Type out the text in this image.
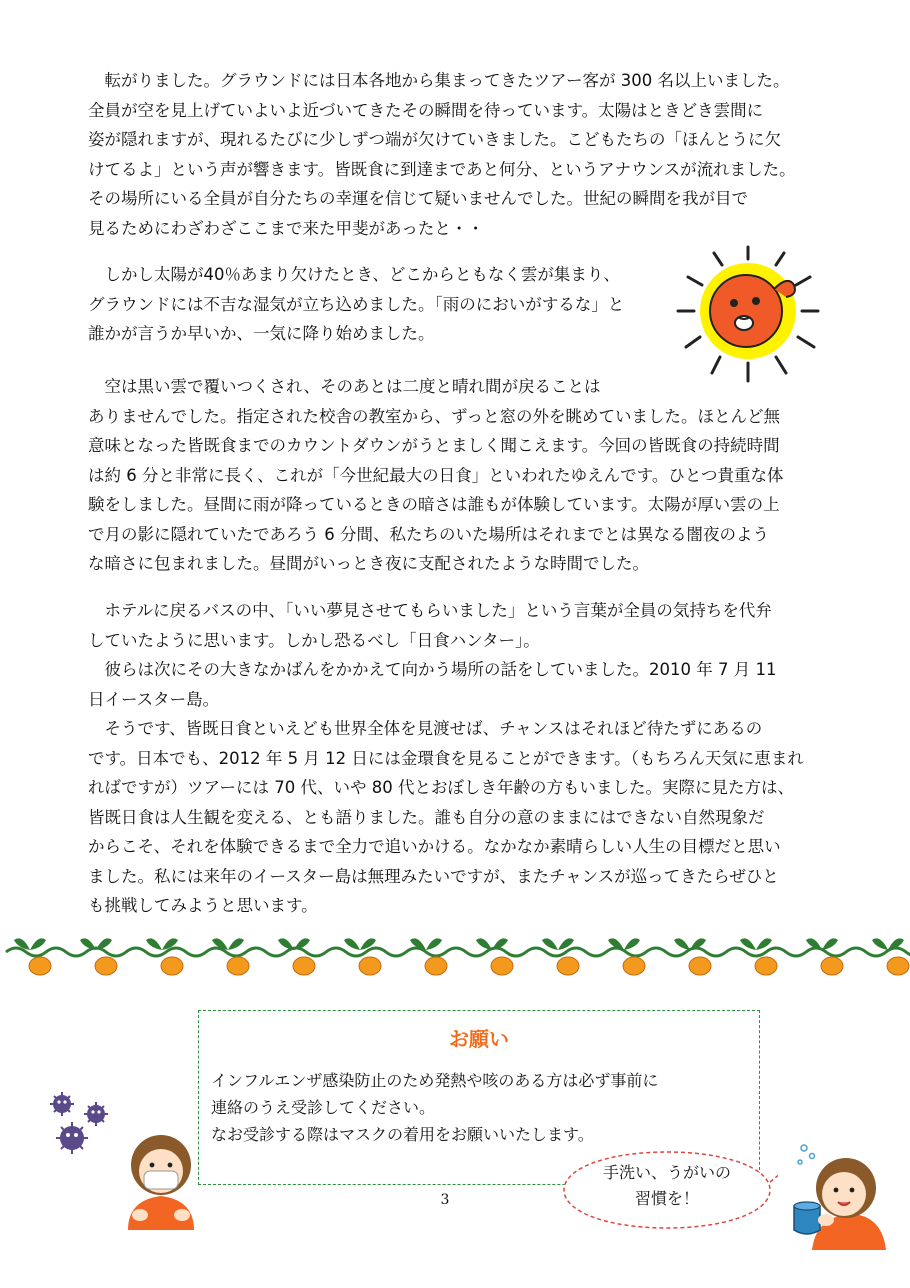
　転がりました。グラウンドには日本各地から集まってきたツアー客が 300 名以上いました。

全員が空を見上げていよいよ近づいてきたその瞬間を待っています。太陽はときどき雲間に

姿が隠れますが、現れるたびに少しずつ端が欠けていきました。こどもたちの「ほんとうに欠

けてるよ」という声が響きます。皆既食に到達まであと何分、というアナウンスが流れました。

その場所にいる全員が自分たちの幸運を信じて疑いませんでした。世紀の瞬間を我が目で

見るためにわざわざここまで来た甲斐があったと・・

　しかし太陽が40％あまり欠けたとき、どこからともなく雲が集まり、

グラウンドには不吉な湿気が立ち込めました。「雨のにおいがするな」と

誰かが言うか早いか、一気に降り始めました。

　空は黒い雲で覆いつくされ、そのあとは二度と晴れ間が戻ることは

ありませんでした。指定された校舎の教室から、ずっと窓の外を眺めていました。ほとんど無

意味となった皆既食までのカウントダウンがうとましく聞こえます。今回の皆既食の持続時間

は約 6 分と非常に長く、これが「今世紀最大の日食」といわれたゆえんです。ひとつ貴重な体

験をしました。昼間に雨が降っているときの暗さは誰もが体験しています。太陽が厚い雲の上

で月の影に隠れていたであろう 6 分間、私たちのいた場所はそれまでとは異なる闇夜のよう

な暗さに包まれました。昼間がいっとき夜に支配されたような時間でした。

　ホテルに戻るバスの中、「いい夢見させてもらいました」という言葉が全員の気持ちを代弁

していたように思います。しかし恐るべし「日食ハンター」。

　彼らは次にその大きなかばんをかかえて向かう場所の話をしていました。2010 年 7 月 11

日イースター島。

　そうです、皆既日食といえども世界全体を見渡せば、チャンスはそれほど待たずにあるの

です。日本でも、2012 年 5 月 12 日には金環食を見ることができます。（もちろん天気に恵まれ

ればですが）ツアーには 70 代、いや 80 代とおぼしき年齢の方もいました。実際に見た方は、

皆既日食は人生観を変える、とも語りました。誰も自分の意のままにはできない自然現象だ

からこそ、それを体験できるまで全力で追いかける。なかなか素晴らしい人生の目標だと思い

ました。私には来年のイースター島は無理みたいですが、またチャンスが巡ってきたらぜひと

も挑戦してみようと思います。

お願い

インフルエンザ感染防止のため発熱や咳のある方は必ず事前に

連絡のうえ受診してください。

なお受診する際はマスクの着用をお願いいたします。

3
手洗い、うがいの
習慣を！
